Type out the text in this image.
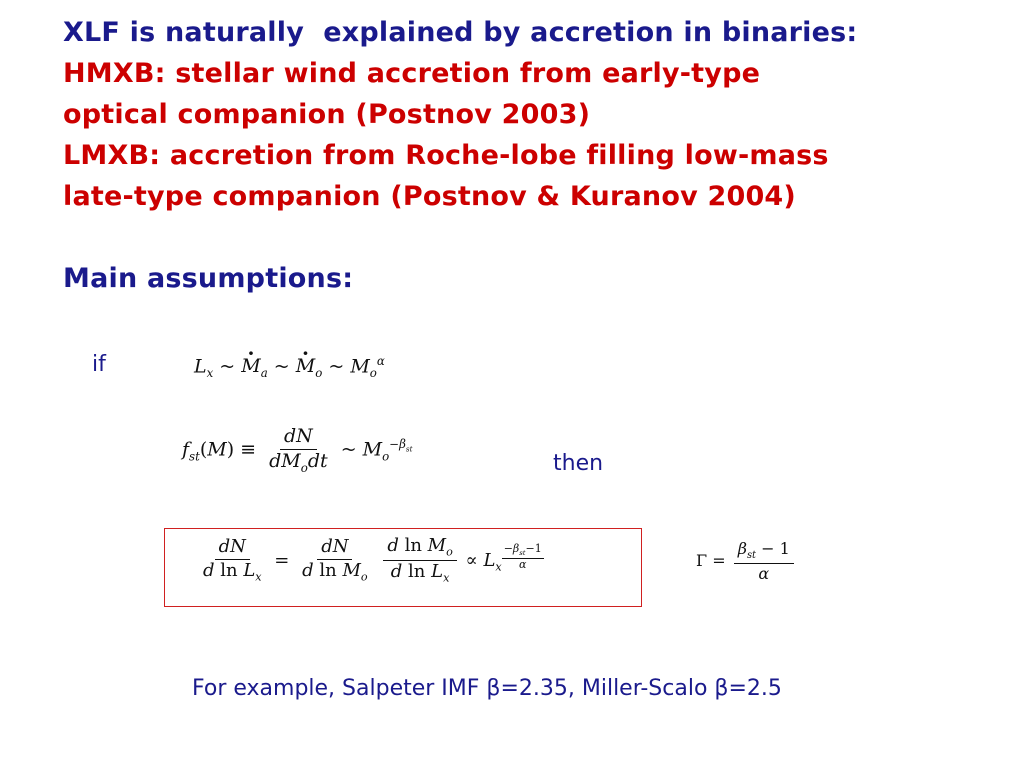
XLF is naturally  explained by accretion in binaries:
HMXB: stellar wind accretion from early-type
optical companion (Postnov 2003)
LMXB: accretion from Roche-lobe filling low-mass
late-type companion (Postnov & Kuranov 2004)
Main assumptions:
if
then
$L_x$ ~ · $M_a$ ~ · $M_o$ ~ $M_o^\alpha$
$f_{st}(M) \equiv \frac{dN}{dM_odt}$ ~ $M_o^{-\beta_{st}}$
$\frac{dN}{d \ln L_x} = \frac{dN}{d \ln M_o}$
$\frac{d \ln M_o}{d \ln L_x} \propto L_x \frac{-\beta_{st}-1}{\alpha}$	$\Gamma = \frac{\beta_{st} - 1}{\alpha}$
For example, Salpeter IMF β=2.35, Miller-Scalo β=2.5
